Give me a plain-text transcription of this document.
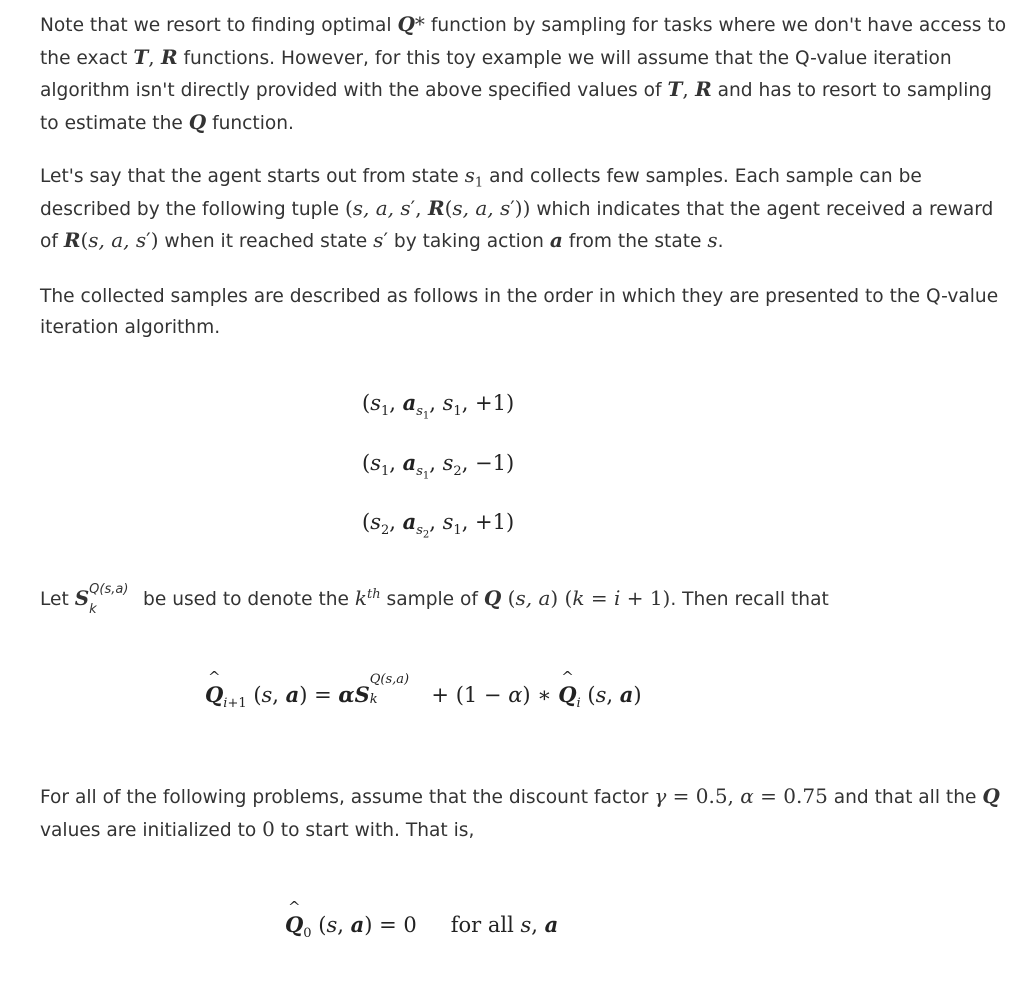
Note that we resort to finding optimal Q* function by sampling for tasks where we don't have access to the exact T, R functions. However, for this toy example we will assume that the Q-value iteration algorithm isn't directly provided with the above specified values of T, R and has to resort to sampling to estimate the Q function.

Let's say that the agent starts out from state $s_1$ and collects few samples. Each sample can be described by the following tuple (s, a, s′, R(s, a, s′)) which indicates that the agent received a reward of R(s, a, s′) when it reached state s′ by taking action a from the state s.

The collected samples are described as follows in the order in which they are presented to the Q-value iteration algorithm.

($s_1$, $a_{s_1}$, $s_1$, +1)
($s_1$, $a_{s_1}$, $s_2$, −1)
($s_2$, $a_{s_2}$, $s_1$, +1)

Let S Q(s,a)
k be used to denote the $k^{th}$ sample of Q (s, a) (k = i + 1). Then recall that

Q $\^{}_{i+1}$ (s, a) = αS
Q(s,a)
k + (1 − α) ∗ Q $\^{}_i$ (s, a)

For all of the following problems, assume that the discount factor γ = 0.5, α = 0.75 and that all the Q values are initialized to 0 to start with. That is,

Q $\^{}_0$ (s, a) = 0 for all s, a
